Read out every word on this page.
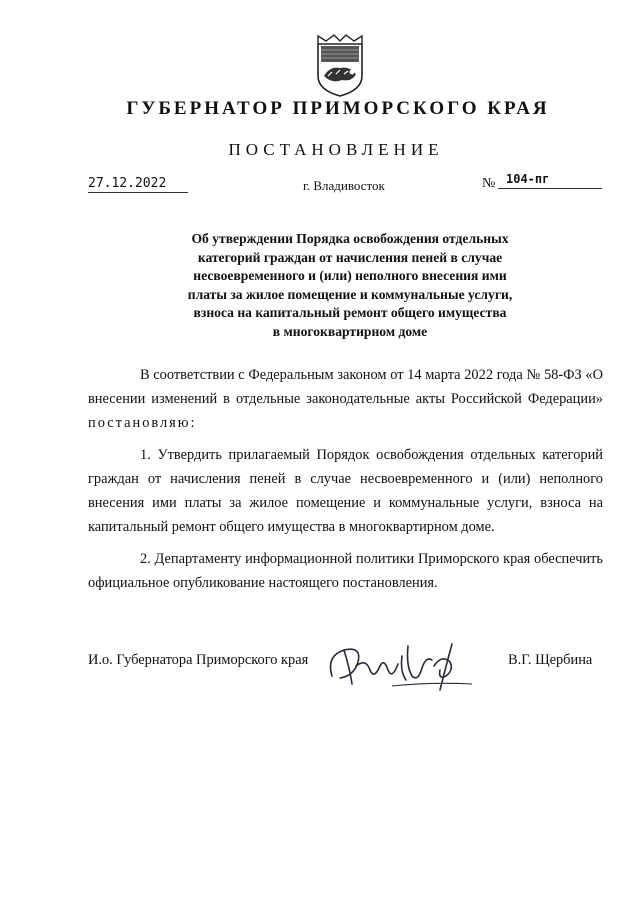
ГУБЕРНАТОР ПРИМОРСКОГО КРАЯ
ПОСТАНОВЛЕНИЕ
27.12.2022	г. Владивосток	№ 104-пг
Об утверждении Порядка освобождения отдельных
категорий граждан от начисления пеней в случае
несвоевременного и (или) неполного внесения ими
платы за жилое помещение и коммунальные услуги,
взноса на капитальный ремонт общего имущества
в многоквартирном доме

В соответствии с Федеральным законом от 14 марта 2022 года № 58-ФЗ «О внесении изменений в отдельные законодательные акты Российской Федерации» постановляю:

1. Утвердить прилагаемый Порядок освобождения отдельных категорий граждан от начисления пеней в случае несвоевременного и (или) неполного внесения ими платы за жилое помещение и коммунальные услуги, взноса на капитальный ремонт общего имущества в многоквартирном доме.

2. Департаменту информационной политики Приморского края обеспечить официальное опубликование настоящего постановления.

И.о. Губернатора Приморского края	В.Г. Щербина
